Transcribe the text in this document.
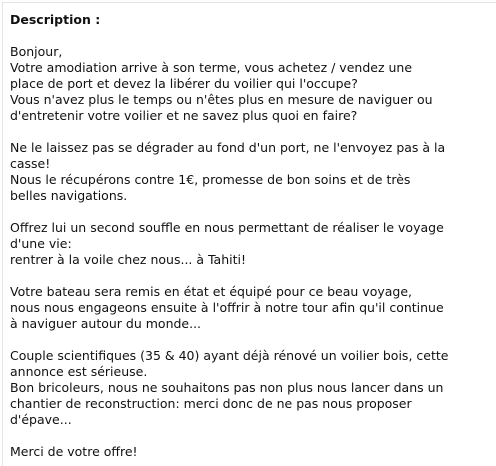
Description :
Bonjour,
Votre amodiation arrive à son terme, vous achetez / vendez une
place de port et devez la libérer du voilier qui l'occupe?
Vous n'avez plus le temps ou n'êtes plus en mesure de naviguer ou
d'entretenir votre voilier et ne savez plus quoi en faire?
Ne le laissez pas se dégrader au fond d'un port, ne l'envoyez pas à la
casse!
Nous le récupérons contre 1€, promesse de bon soins et de très
belles navigations.
Offrez lui un second souffle en nous permettant de réaliser le voyage
d'une vie:
rentrer à la voile chez nous... à Tahiti!
Votre bateau sera remis en état et équipé pour ce beau voyage,
nous nous engageons ensuite à l'offrir à notre tour afin qu'il continue
à naviguer autour du monde...
Couple scientifiques (35 & 40) ayant déjà rénové un voilier bois, cette
annonce est sérieuse.
Bon bricoleurs, nous ne souhaitons pas non plus nous lancer dans un
chantier de reconstruction: merci donc de ne pas nous proposer
d'épave...
Merci de votre offre!
